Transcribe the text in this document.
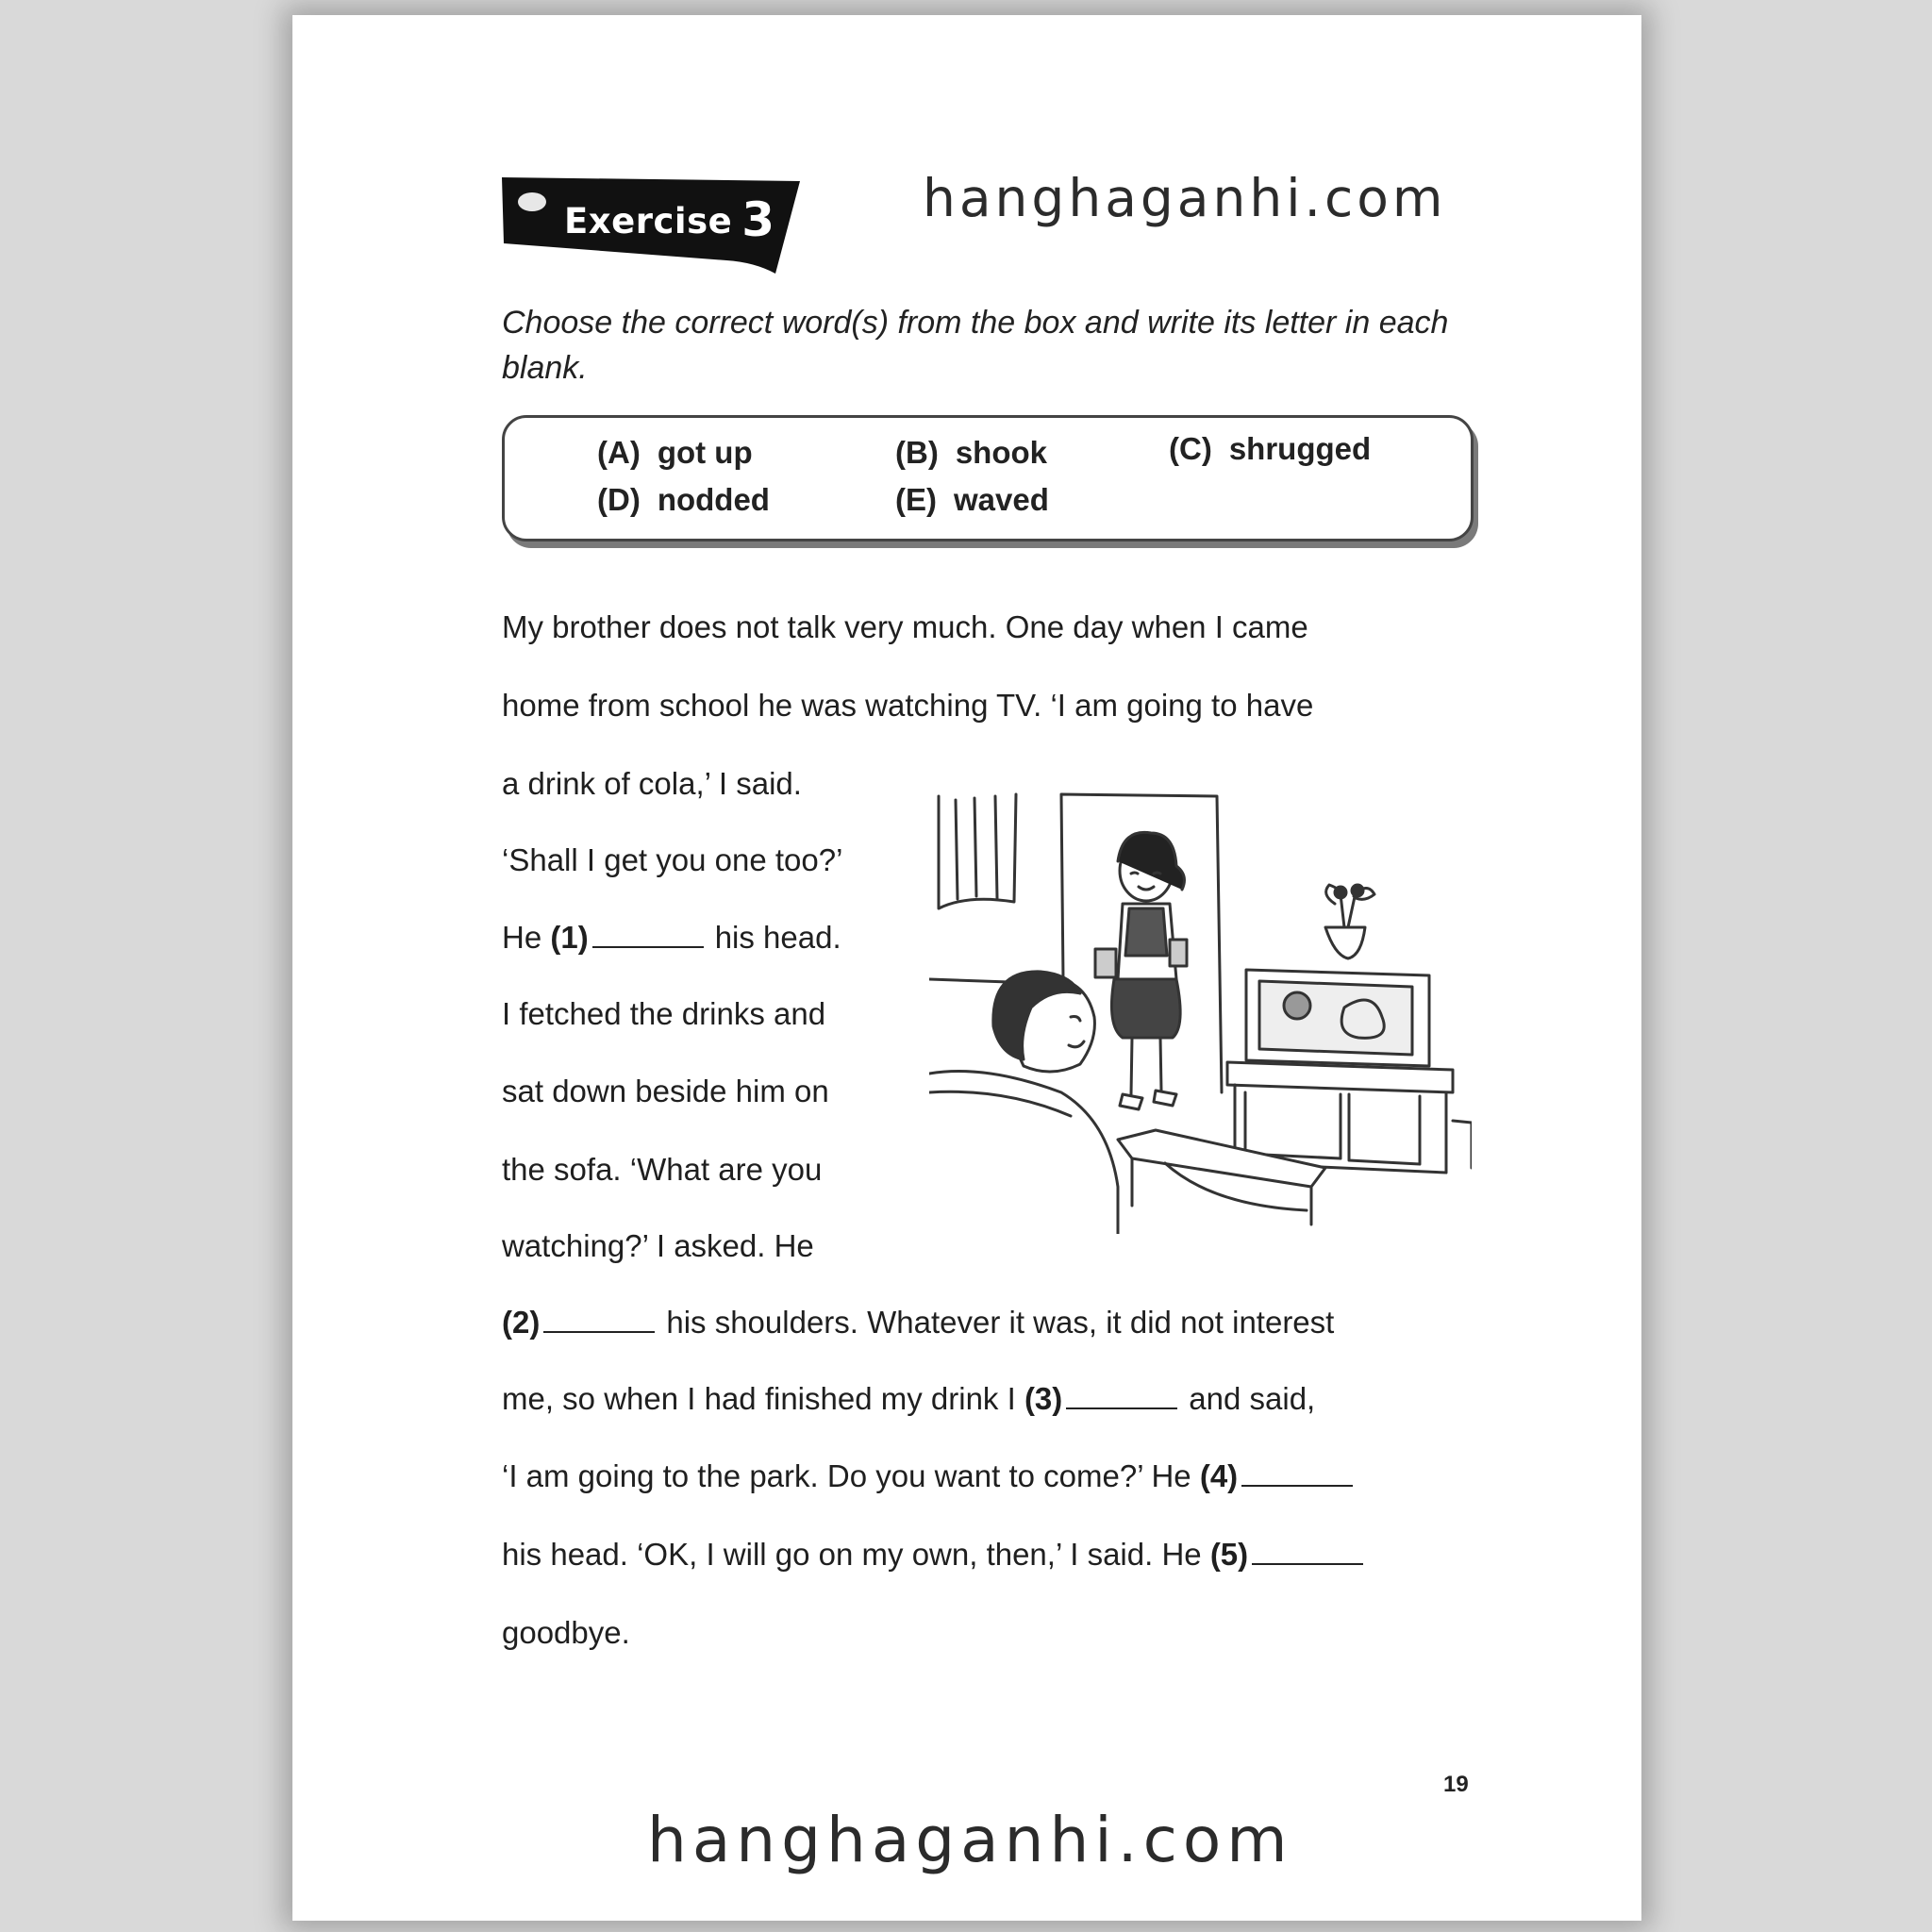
Exercise 3	hanghaganhi.com
Choose the correct word(s) from the box and write its letter in each blank.
(A) got up	(B) shook	(C) shrugged
(D) nodded	(E) waved
My brother does not talk very much. One day when I came
home from school he was watching TV. ‘I am going to have
a drink of cola,’ I said.
‘Shall I get you one too?’
He (1)	his head.
I fetched the drinks and
sat down beside him on
the sofa. ‘What are you
watching?’ I asked. He
(2)	his shoulders. Whatever it was, it did not interest
me, so when I had finished my drink I (3)	and said,
‘I am going to the park. Do you want to come?’ He (4)
his head. ‘OK, I will go on my own, then,’ I said. He (5)
goodbye.
19
hanghaganhi.com
